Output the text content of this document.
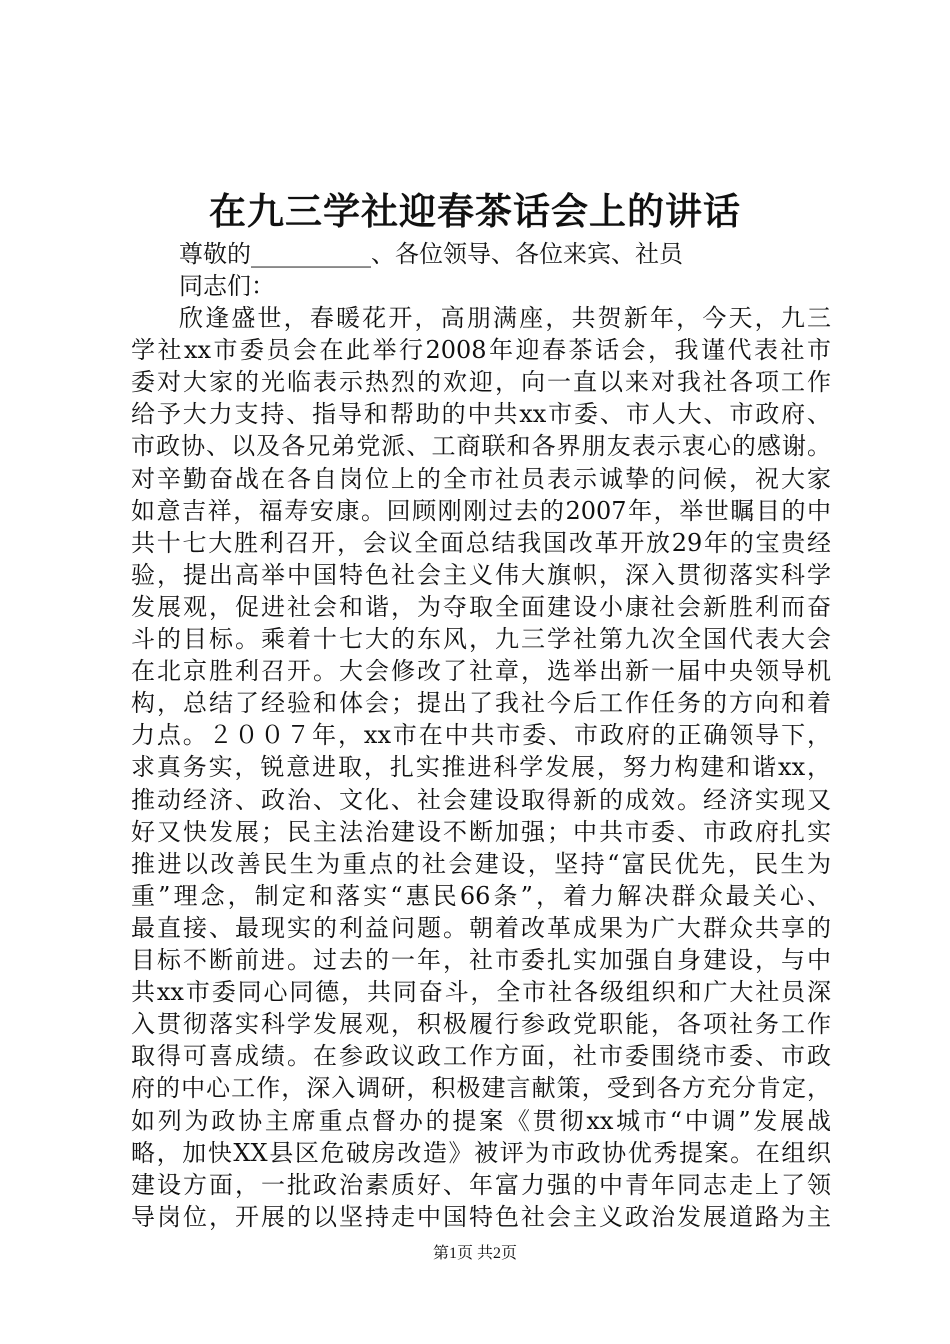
在九三学社迎春茶话会上的讲话
尊敬的__________、各位领导、各位来宾、社员
同志们：
欣逢盛世，春暖花开，高朋满座，共贺新年，今天，九三
学社xx市委员会在此举行2008年迎春茶话会，我谨代表社市
委对大家的光临表示热烈的欢迎，向一直以来对我社各项工作
给予大力支持、指导和帮助的中共xx市委、市人大、市政府、
市政协、以及各兄弟党派、工商联和各界朋友表示衷心的感谢。
对辛勤奋战在各自岗位上的全市社员表示诚挚的问候，祝大家
如意吉祥，福寿安康。回顾刚刚过去的2007年，举世瞩目的中
共十七大胜利召开，会议全面总结我国改革开放29年的宝贵经
验，提出高举中国特色社会主义伟大旗帜，深入贯彻落实科学
发展观，促进社会和谐，为夺取全面建设小康社会新胜利而奋
斗的目标。乘着十七大的东风，九三学社第九次全国代表大会
在北京胜利召开。大会修改了社章，选举出新一届中央领导机
构，总结了经验和体会；提出了我社今后工作任务的方向和着
力点。２００７年，xx市在中共市委、市政府的正确领导下，
求真务实，锐意进取，扎实推进科学发展，努力构建和谐xx，
推动经济、政治、文化、社会建设取得新的成效。经济实现又
好又快发展；民主法治建设不断加强；中共市委、市政府扎实
推进以改善民生为重点的社会建设，坚持“富民优先，民生为
重”理念，制定和落实“惠民66条”，着力解决群众最关心、
最直接、最现实的利益问题。朝着改革成果为广大群众共享的
目标不断前进。过去的一年，社市委扎实加强自身建设，与中
共xx市委同心同德，共同奋斗，全市社各级组织和广大社员深
入贯彻落实科学发展观，积极履行参政党职能，各项社务工作
取得可喜成绩。在参政议政工作方面，社市委围绕市委、市政
府的中心工作，深入调研，积极建言献策，受到各方充分肯定，
如列为政协主席重点督办的提案《贯彻xx城市“中调”发展战
略，加快XX县区危破房改造》被评为市政协优秀提案。在组织
建设方面，一批政治素质好、年富力强的中青年同志走上了领
导岗位，开展的以坚持走中国特色社会主义政治发展道路为主
第1页 共2页
